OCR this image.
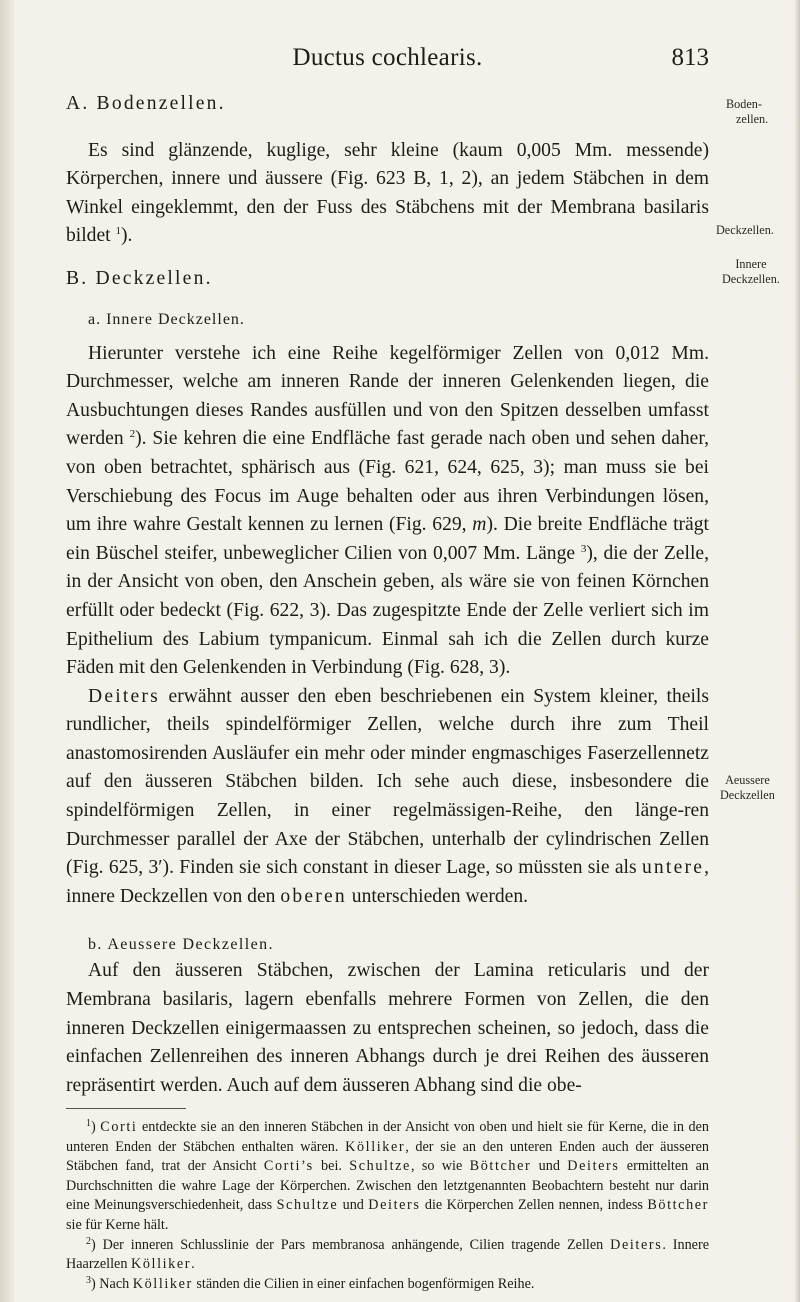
Ductus cochlearis.	813
Boden-
zellen.
Deckzellen.
Innere
Deckzellen.
Aeussere
Deckzellen
A. Bodenzellen.

Es sind glänzende, kuglige, sehr kleine (kaum 0,005 Mm. messende) Körperchen, innere und äussere (Fig. 623 B, 1, 2), an jedem Stäbchen in dem Winkel eingeklemmt, den der Fuss des Stäbchens mit der Membrana basilaris bildet $^1$).

B. Deckzellen.
a. Innere Deckzellen.

Hierunter verstehe ich eine Reihe kegelförmiger Zellen von 0,012 Mm. Durchmesser, welche am inneren Rande der inneren Gelenkenden liegen, die Ausbuchtungen dieses Randes ausfüllen und von den Spitzen desselben umfasst werden $^2$). Sie kehren die eine Endfläche fast gerade nach oben und sehen daher, von oben betrachtet, sphärisch aus (Fig. 621, 624, 625, 3); man muss sie bei Verschiebung des Focus im Auge behalten oder aus ihren Verbindungen lösen, um ihre wahre Gestalt kennen zu lernen (Fig. 629, m). Die breite Endfläche trägt ein Büschel steifer, unbeweglicher Cilien von 0,007 Mm. Länge $^3$), die der Zelle, in der Ansicht von oben, den Anschein geben, als wäre sie von feinen Körnchen erfüllt oder bedeckt (Fig. 622, 3). Das zugespitzte Ende der Zelle verliert sich im Epithelium des Labium tympanicum. Einmal sah ich die Zellen durch kurze Fäden mit den Gelenkenden in Verbindung (Fig. 628, 3).

Deiters erwähnt ausser den eben beschriebenen ein System kleiner, theils rundlicher, theils spindelförmiger Zellen, welche durch ihre zum Theil anastomosirenden Ausläufer ein mehr oder minder engmaschiges Faserzellennetz auf den äusseren Stäbchen bilden. Ich sehe auch diese, insbesondere die spindelförmigen Zellen, in einer regelmässigen-Reihe, den länge-ren Durchmesser parallel der Axe der Stäbchen, unterhalb der cylindrischen Zellen (Fig. 625, 3′). Finden sie sich constant in dieser Lage, so müssten sie als untere, innere Deckzellen von den oberen unterschieden werden.

b. Aeussere Deckzellen.

Auf den äusseren Stäbchen, zwischen der Lamina reticularis und der Membrana basilaris, lagern ebenfalls mehrere Formen von Zellen, die den inneren Deckzellen einigermaassen zu entsprechen scheinen, so jedoch, dass die einfachen Zellenreihen des inneren Abhangs durch je drei Reihen des äusseren repräsentirt werden. Auch auf dem äusseren Abhang sind die obe-

$^1$) Corti entdeckte sie an den inneren Stäbchen in der Ansicht von oben und hielt sie für Kerne, die in den unteren Enden der Stäbchen enthalten wären. Kölliker, der sie an den unteren Enden auch der äusseren Stäbchen fand, trat der Ansicht Corti’s bei. Schultze, so wie Böttcher und Deiters ermittelten an Durchschnitten die wahre Lage der Körperchen. Zwischen den letztgenannten Beobachtern besteht nur darin eine Meinungsverschiedenheit, dass Schultze und Deiters die Körperchen Zellen nennen, indess Böttcher sie für Kerne hält.

$^2$) Der inneren Schlusslinie der Pars membranosa anhängende, Cilien tragende Zellen Deiters. Innere Haarzellen Kölliker.

$^3$) Nach Kölliker ständen die Cilien in einer einfachen bogenförmigen Reihe.
